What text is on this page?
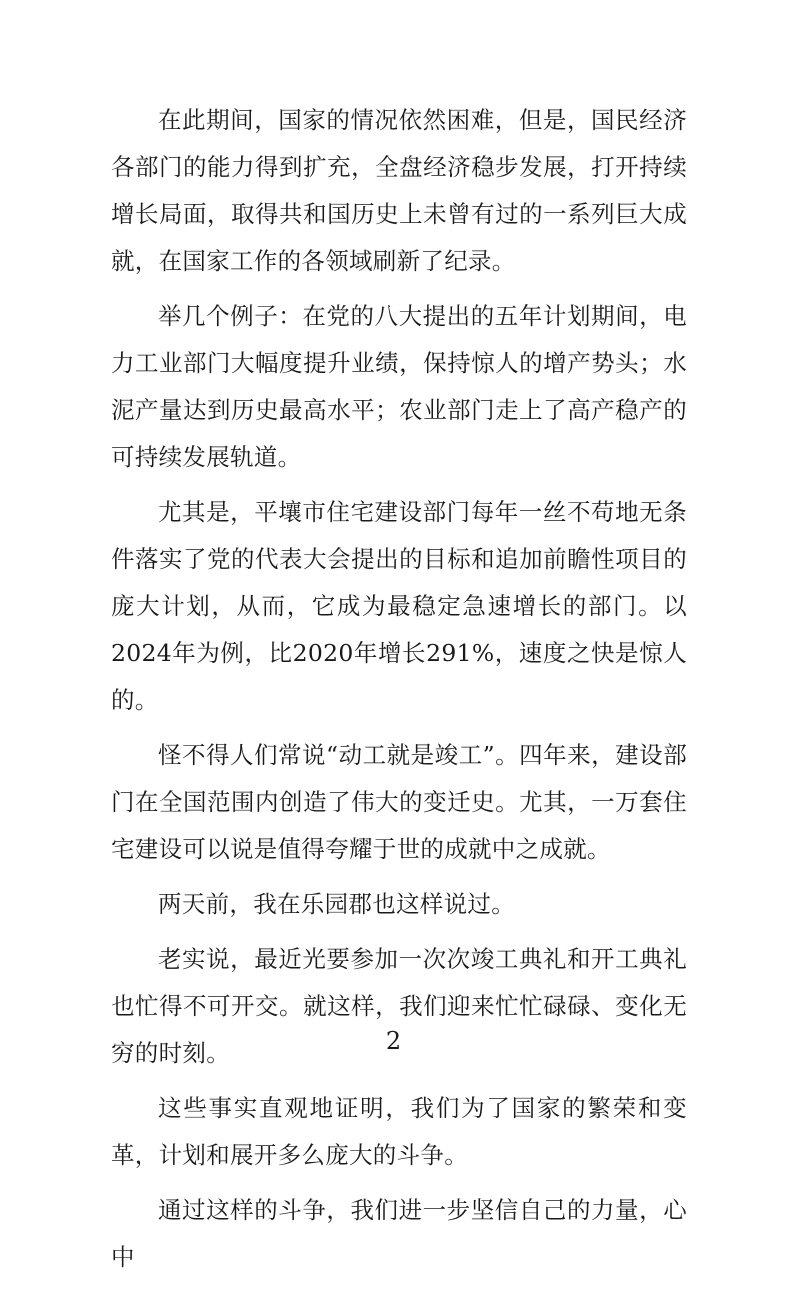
在此期间，国家的情况依然困难，但是，国民经济各部门的能力得到扩充，全盘经济稳步发展，打开持续增长局面，取得共和国历史上未曾有过的一系列巨大成就，在国家工作的各领域刷新了纪录。

举几个例子：在党的八大提出的五年计划期间，电力工业部门大幅度提升业绩，保持惊人的增产势头；水泥产量达到历史最高水平；农业部门走上了高产稳产的可持续发展轨道。

尤其是，平壤市住宅建设部门每年一丝不苟地无条件落实了党的代表大会提出的目标和追加前瞻性项目的庞大计划，从而，它成为最稳定急速增长的部门。以2024年为例，比2020年增长291%，速度之快是惊人的。

怪不得人们常说“动工就是竣工”。四年来，建设部门在全国范围内创造了伟大的变迁史。尤其，一万套住宅建设可以说是值得夸耀于世的成就中之成就。

两天前，我在乐园郡也这样说过。

老实说，最近光要参加一次次竣工典礼和开工典礼也忙得不可开交。就这样，我们迎来忙忙碌碌、变化无穷的时刻。

这些事实直观地证明，我们为了国家的繁荣和变革，计划和展开多么庞大的斗争。

通过这样的斗争，我们进一步坚信自己的力量，心中

2
